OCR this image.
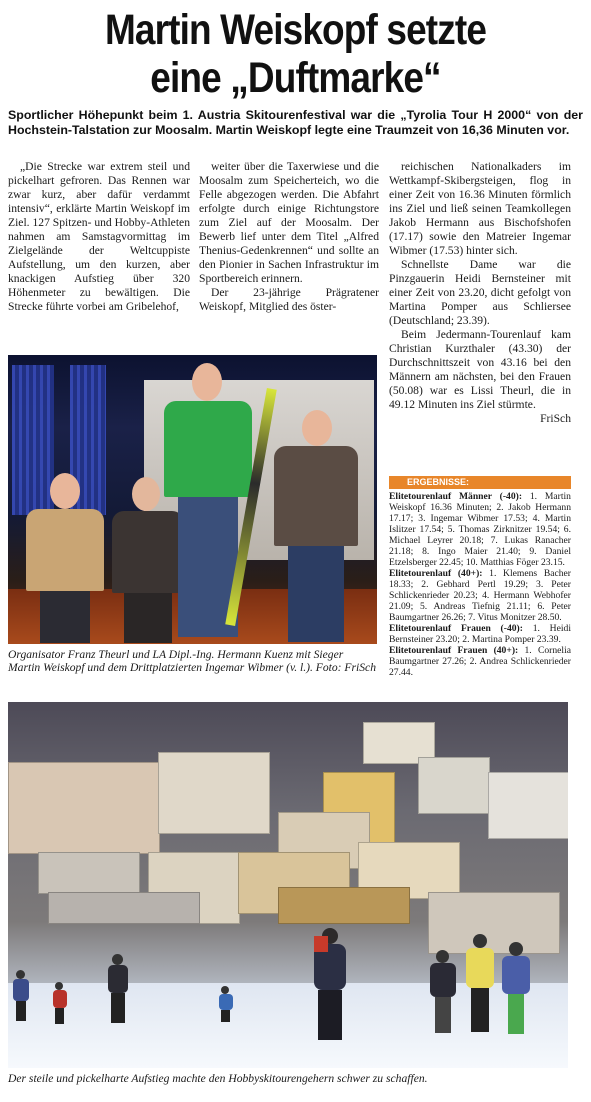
Martin Weiskopf setzte
eine „Duftmarke“
Sportlicher Höhepunkt beim 1. Austria Skitourenfestival war die „Tyrolia Tour H 2000“ von der Hochstein-Talstation zur Moosalm. Martin Weiskopf legte eine Traumzeit von 16,36 Minuten vor.

„Die Strecke war extrem steil und pickelhart gefroren. Das Rennen war zwar kurz, aber dafür verdammt intensiv“, erklärte Martin Weiskopf im Ziel. 127 Spitzen- und Hobby-Athleten nahmen am Samstagvormittag im Zielgelände der Weltcuppiste Aufstellung, um den kurzen, aber knackigen Aufstieg über 320 Höhenmeter zu bewältigen. Die Strecke führte vorbei am Gribelehof,

weiter über die Taxerwiese und die Moosalm zum Speicherteich, wo die Felle abgezogen werden. Die Abfahrt erfolgte durch einige Richtungstore zum Ziel auf der Moosalm. Der Bewerb lief unter dem Titel „Alfred Thenius-Gedenkrennen“ und sollte an den Pionier in Sachen Infrastruktur im Sportbereich erinnern.

Der 23-jährige Prägratener Weiskopf, Mitglied des öster-

reichischen Nationalkaders im Wettkampf-Skibergsteigen, flog in einer Zeit von 16.36 Minuten förmlich ins Ziel und ließ seinen Teamkollegen Jakob Hermann aus Bischofshofen (17.17) sowie den Matreier Ingemar Wibmer (17.53) hinter sich.

Schnellste Dame war die Pinzgauerin Heidi Bernsteiner mit einer Zeit von 23.20, dicht gefolgt von Martina Pomper aus Schliersee (Deutschland; 23.39).

Beim Jedermann-Tourenlauf kam Christian Kurzthaler (43.30) der Durchschnittszeit von 43.16 bei den Männern am nächsten, bei den Frauen (50.08) war es Lissi Theurl, die in 49.12 Minuten ins Ziel stürmte.
FriSch

Organisator Franz Theurl und LA Dipl.-Ing. Hermann Kuenz mit Sieger Martin Weiskopf und dem Drittplatzierten Ingemar Wibmer (v. l.). Foto: FriSch
ERGEBNISSE:

Elitetourenlauf Männer (-40): 1. Martin Weiskopf 16.36 Minuten; 2. Jakob Hermann 17.17; 3. Ingemar Wibmer 17.53; 4. Martin Islitzer 17.54; 5. Thomas Zirknitzer 19.54; 6. Michael Leyrer 20.18; 7. Lukas Ranacher 21.18; 8. Ingo Maier 21.40; 9. Daniel Etzelsberger 22.45; 10. Matthias Föger 23.15.

Elitetourenlauf (40+): 1. Klemens Bacher 18.33; 2. Gebhard Pertl 19.29; 3. Peter Schlickenrieder 20.23; 4. Hermann Webhofer 21.09; 5. Andreas Tiefnig 21.11; 6. Peter Baumgartner 26.26; 7. Vitus Monitzer 28.50.

Elitetourenlauf Frauen (-40): 1. Heidi Bernsteiner 23.20; 2. Martina Pomper 23.39.

Elitetourenlauf Frauen (40+): 1. Cornelia Baumgartner 27.26; 2. Andrea Schlickenrieder 27.44.

Der steile und pickelharte Aufstieg machte den Hobbyskitourengehern schwer zu schaffen.
